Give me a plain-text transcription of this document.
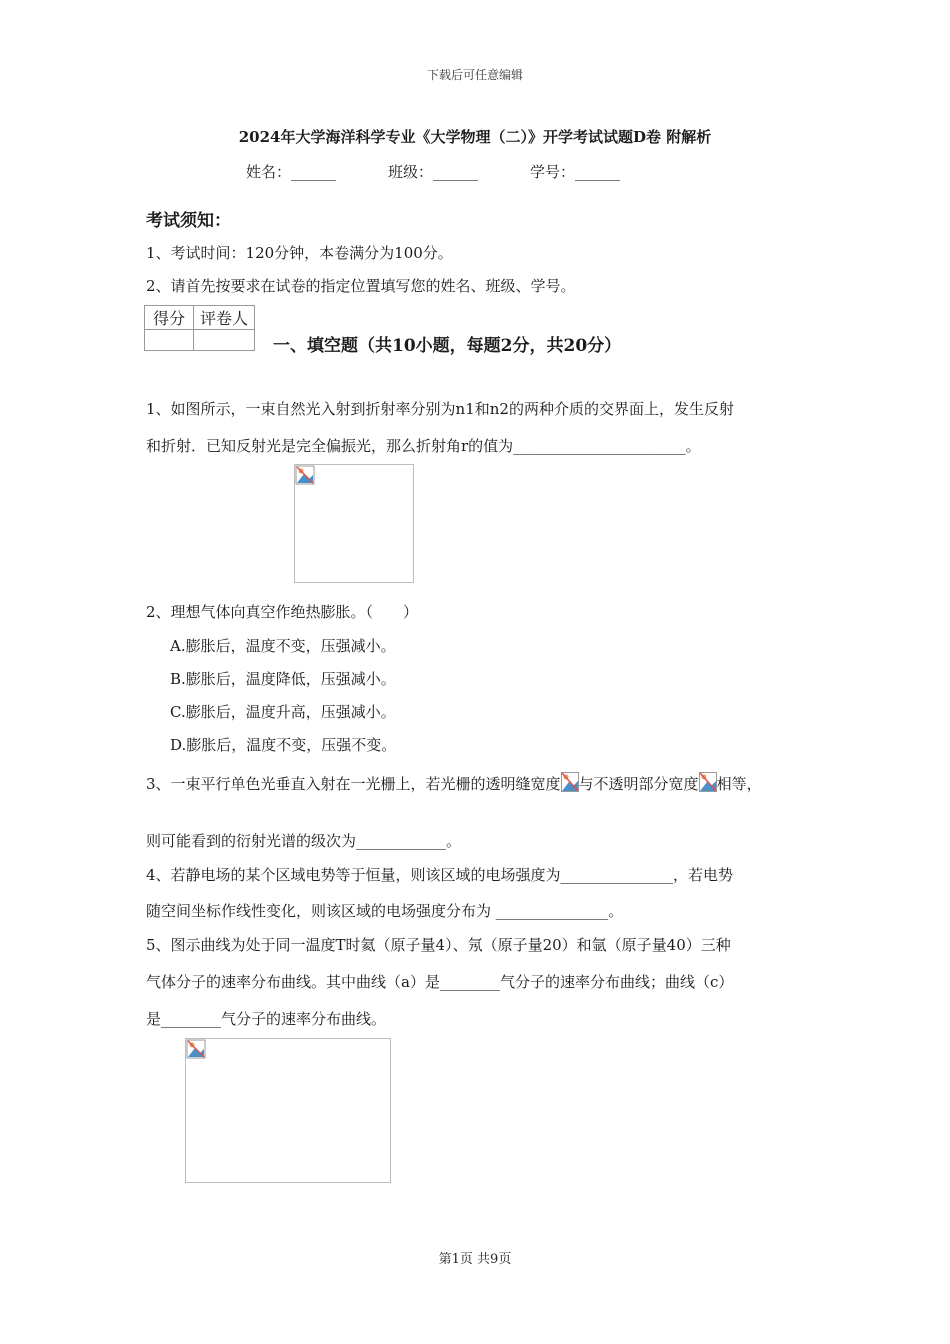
下载后可任意编辑
2024年大学海洋科学专业《大学物理（二）》开学考试试题D卷 附解析
姓名：______	班级：______	学号：______
考试须知：
1、考试时间：120分钟，本卷满分为100分。
2、请首先按要求在试卷的指定位置填写您的姓名、班级、学号。
得分	评卷人

一、填空题（共10小题，每题2分，共20分）
1、如图所示，一束自然光入射到折射率分别为n1和n2的两种介质的交界面上，发生反射
和折射．已知反射光是完全偏振光，那么折射角r的值为_______________________。
2、理想气体向真空作绝热膨胀。（　　）
A.膨胀后，温度不变，压强减小。
B.膨胀后，温度降低，压强减小。
C.膨胀后，温度升高，压强减小。
D.膨胀后，温度不变，压强不变。
3、一束平行单色光垂直入射在一光栅上，若光栅的透明缝宽度 与不透明部分宽度 相等，
则可能看到的衍射光谱的级次为____________。
4、若静电场的某个区域电势等于恒量，则该区域的电场强度为_______________，若电势
随空间坐标作线性变化，则该区域的电场强度分布为 _______________。
5、图示曲线为处于同一温度T时氦（原子量4）、氖（原子量20）和氩（原子量40）三种
气体分子的速率分布曲线。其中曲线（a）是________气分子的速率分布曲线；曲线（c）
是________气分子的速率分布曲线。
第1页 共9页
